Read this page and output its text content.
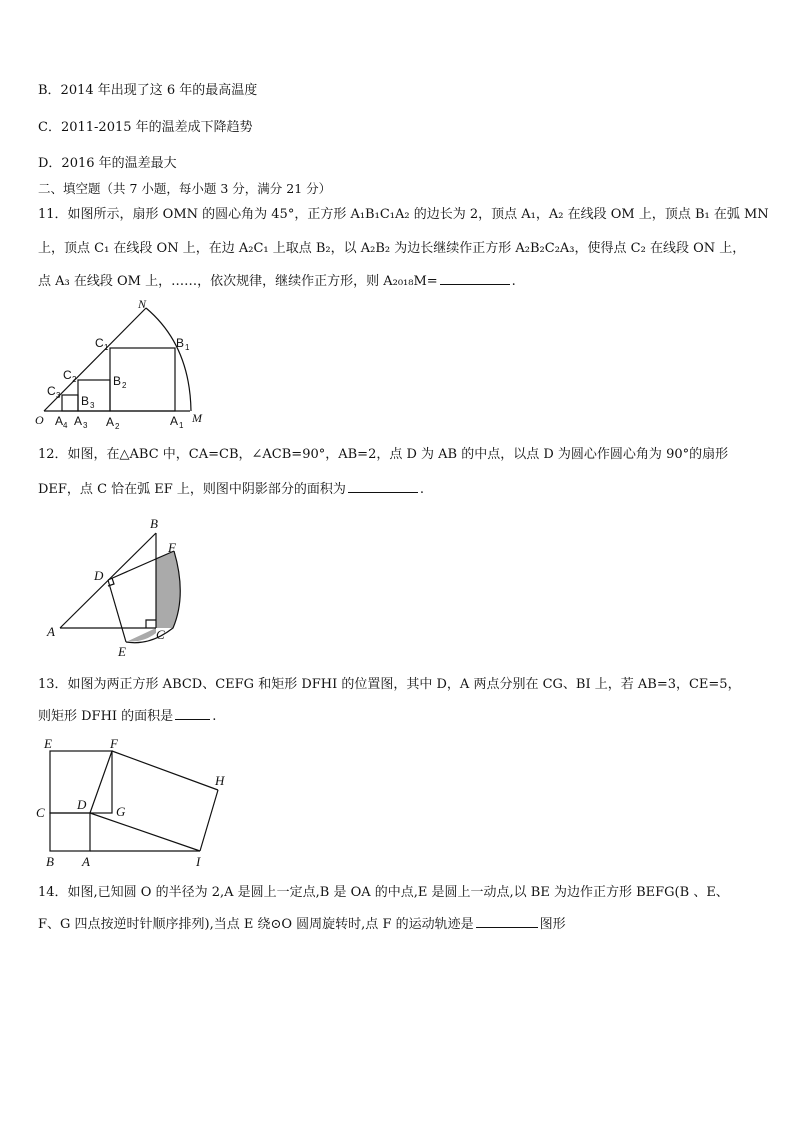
B．2014 年出现了这 6 年的最高温度
C．2011-2015 年的温差成下降趋势
D．2016 年的温差最大
二、填空题（共 7 小题，每小题 3 分，满分 21 分）
11．如图所示，扇形 OMN 的圆心角为 45°，正方形 A₁B₁C₁A₂ 的边长为 2，顶点 A₁，A₂ 在线段 OM 上，顶点 B₁ 在弧 MN
上，顶点 C₁ 在线段 ON 上，在边 A₂C₁ 上取点 B₂，以 A₂B₂ 为边长继续作正方形 A₂B₂C₂A₃，使得点 C₂ 在线段 ON 上，
点 A₃ 在线段 OM 上，……，依次规律，继续作正方形，则 A₂₀₁₈M=	.
N
C 1	B 1
C 2	B 2
C 3 B 3
O A 4 A 3 A 2	A 1
M
12．如图，在△ABC 中，CA=CB，∠ACB=90°，AB=2，点 D 为 AB 的中点，以点 D 为圆心作圆心角为 90°的扇形
DEF，点 C 恰在弧 EF 上，则图中阴影部分的面积为	.
B
F
D
A	C
E
13．如图为两正方形 ABCD、CEFG 和矩形 DFHI 的位置图，其中 D，A 两点分别在 CG、BI 上，若 AB=3，CE=5，
则矩形 DFHI 的面积是	.
E	F
H
C
D G
B A	I
14．如图,已知圆 O 的半径为 2,A 是圆上一定点,B 是 OA 的中点,E 是圆上一动点,以 BE 为边作正方形 BEFG(B 、E、
F、G 四点按逆时针顺序排列),当点 E 绕⊙O 圆周旋转时,点 F 的运动轨迹是	图形
